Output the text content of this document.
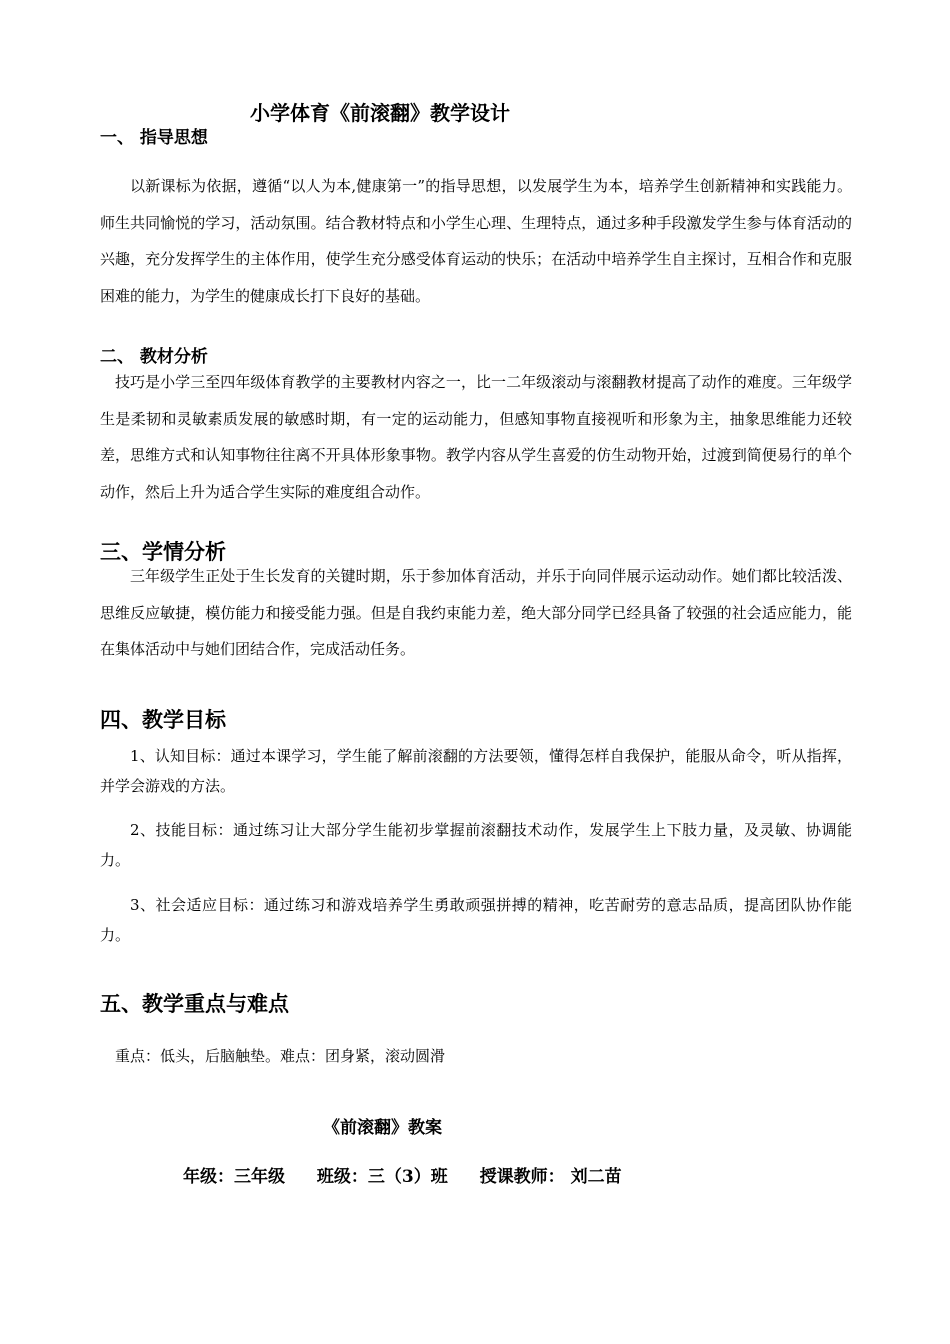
小学体育《前滚翻》教学设计
一、 指导思想

以新课标为依据，遵循“以人为本,健康第一”的指导思想，以发展学生为本，培养学生创新精神和实践能力。师生共同愉悦的学习，活动氛围。结合教材特点和小学生心理、生理特点，通过多种手段激发学生参与体育活动的兴趣，充分发挥学生的主体作用，使学生充分感受体育运动的快乐；在活动中培养学生自主探讨，互相合作和克服困难的能力，为学生的健康成长打下良好的基础。

二、 教材分析

技巧是小学三至四年级体育教学的主要教材内容之一，比一二年级滚动与滚翻教材提高了动作的难度。三年级学生是柔韧和灵敏素质发展的敏感时期，有一定的运动能力，但感知事物直接视听和形象为主，抽象思维能力还较差，思维方式和认知事物往往离不开具体形象事物。教学内容从学生喜爱的仿生动物开始，过渡到简便易行的单个动作，然后上升为适合学生实际的难度组合动作。

三、学情分析

三年级学生正处于生长发育的关键时期，乐于参加体育活动，并乐于向同伴展示运动动作。她们都比较活泼、思维反应敏捷，模仿能力和接受能力强。但是自我约束能力差，绝大部分同学已经具备了较强的社会适应能力，能在集体活动中与她们团结合作，完成活动任务。

四、教学目标

1、认知目标：通过本课学习，学生能了解前滚翻的方法要领，懂得怎样自我保护，能服从命令，听从指挥，并学会游戏的方法。

2、技能目标：通过练习让大部分学生能初步掌握前滚翻技术动作，发展学生上下肢力量，及灵敏、协调能力。

3、社会适应目标：通过练习和游戏培养学生勇敢顽强拼搏的精神，吃苦耐劳的意志品质，提高团队协作能力。

五、教学重点与难点

重点：低头，后脑触垫。难点：团身紧，滚动圆滑

《前滚翻》教案
年级：三年级 班级：三（3）班 授课教师： 刘二苗
